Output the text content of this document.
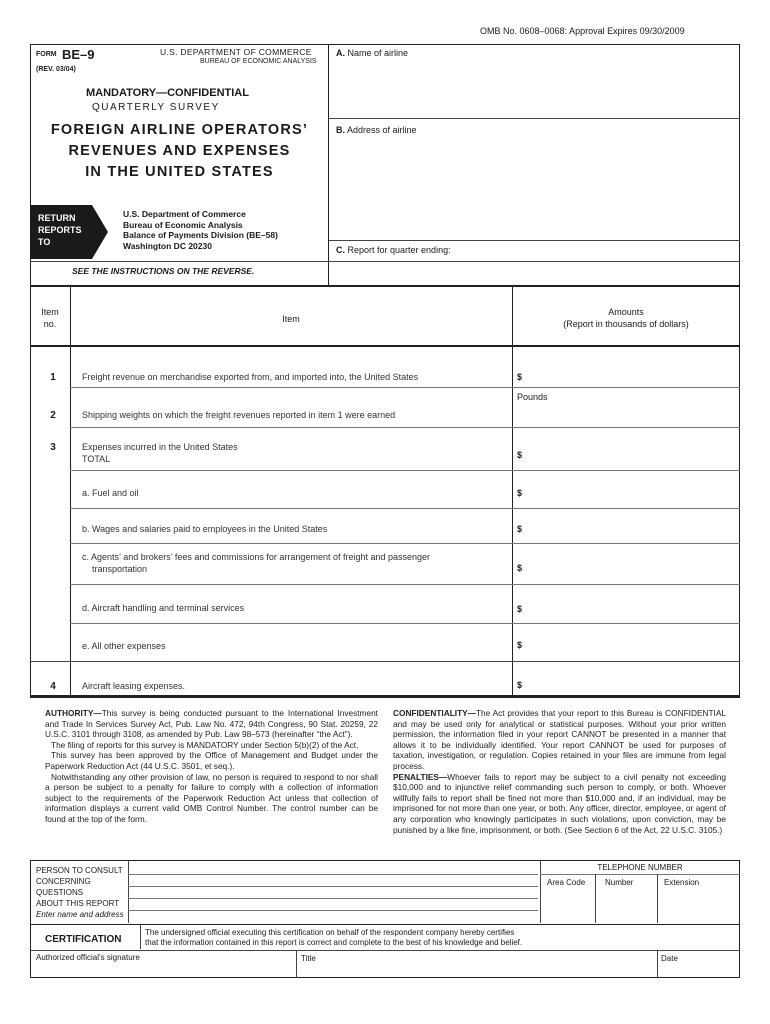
OMB No. 0608–0068: Approval Expires 09/30/2009
FORM BE–9
(REV. 03/04)
U.S. DEPARTMENT OF COMMERCE
BUREAU OF ECONOMIC ANALYSIS
MANDATORY—CONFIDENTIAL
QUARTERLY SURVEY
FOREIGN AIRLINE OPERATORS’
REVENUES AND EXPENSES
IN THE UNITED STATES
RETURN
REPORTS
TO
U.S. Department of Commerce
Bureau of Economic Analysis
Balance of Payments Division (BE–58)
Washington DC 20230
SEE THE INSTRUCTIONS ON THE REVERSE.
A. Name of airline
B. Address of airline
C. Report for quarter ending:
Item
no.	Item
Amounts
(Report in thousands of dollars)
1	Freight revenue on merchandise exported from, and imported into, the United States	$
Pounds
2	Shipping weights on which the freight revenues reported in item 1 were earned
3	Expenses incurred in the United States
TOTAL	$
a. Fuel and oil	$
b. Wages and salaries paid to employees in the United States	$
c. Agents’ and brokers’ fees and commissions for arrangement of freight and passenger
transportation	$
d. Aircraft handling and terminal services	$
e. All other expenses	$
4	Aircraft leasing expenses.	$
AUTHORITY—This survey is being conducted pursuant to the International Investment and Trade In Services Survey Act, Pub. Law No. 472, 94th Congress, 90 Stat. 20259, 22 U.S.C. 3101 through 3108, as amended by Pub. Law 98–573 (hereinafter “the Act”).
The filing of reports for this survey is MANDATORY under Section 5(b)(2) of the Act.
This survey has been approved by the Office of Management and Budget under the Paperwork Reduction Act (44 U.S.C. 3501, et seq.).
Notwithstanding any other provision of law, no person is required to respond to nor shall a person be subject to a penalty for failure to comply with a collection of information subject to the requirements of the Paperwork Reduction Act unless that collection of information displays a current valid OMB Control Number. The control number can be found at the top of the form.
CONFIDENTIALITY—The Act provides that your report to this Bureau is CONFIDENTIAL and may be used only for analytical or statistical purposes. Without your prior written permission, the information filed in your report CANNOT be presented in a manner that allows it to be individually identified. Your report CANNOT be used for purposes of taxation, investigation, or regulation. Copies retained in your files are immune from legal process.
PENALTIES—Whoever fails to report may be subject to a civil penalty not exceeding $10,000 and to injunctive relief commanding such person to comply, or both. Whoever willfully fails to report shall be fined not more than $10,000 and, if an individual, may be imprisoned for not more than one year, or both. Any officer, director, employee, or agent of any corporation who knowingly participates in such violations, upon conviction, may be punished by a like fine, imprisonment, or both. (See Section 6 of the Act, 22 U.S.C. 3105.)
PERSON TO CONSULT
CONCERNING
QUESTIONS
ABOUT THIS REPORT
Enter name and address
TELEPHONE NUMBER
Area Code Number	Extension
CERTIFICATION
The undersigned official executing this certification on behalf of the respondent company hereby certifies
that the information contained in this report is correct and complete to the best of his knowledge and belief.
Authorized official’s signature	Title	Date
